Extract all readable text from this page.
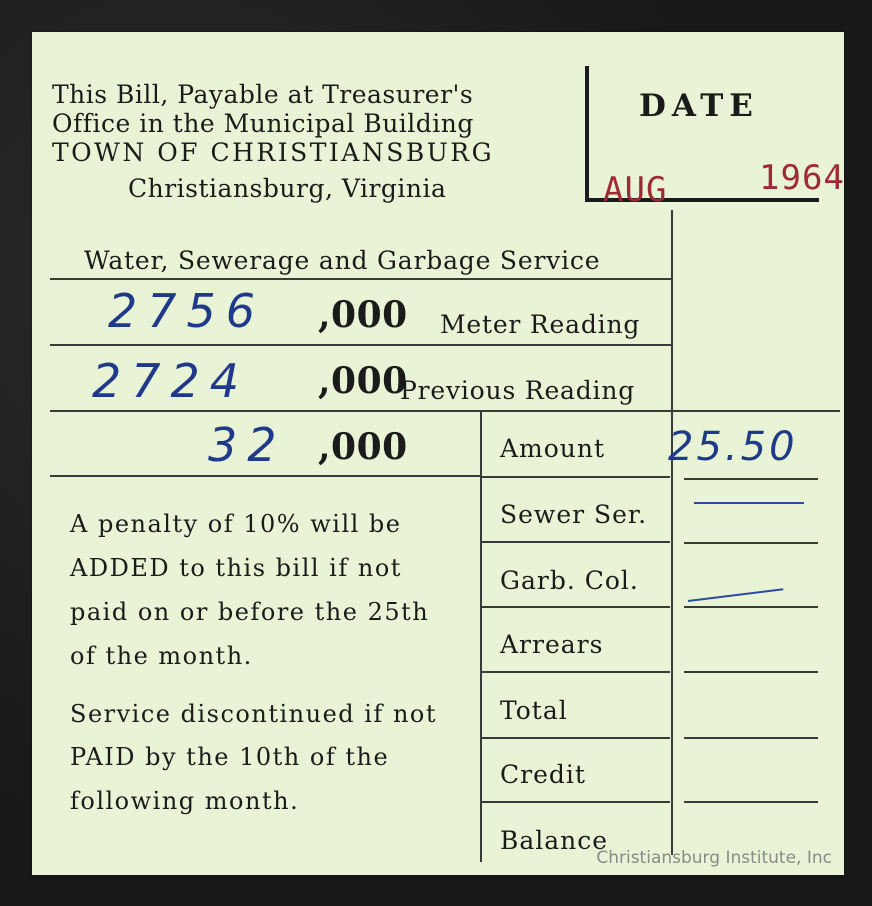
This Bill, Payable at Treasurer's
Office in the Municipal Building
TOWN OF CHRISTIANSBURG
Christiansburg, Virginia
DATE
AUG	1964
Water, Sewerage and Garbage Service
2756 ,000 Meter Reading
2724 ,000
Previous Reading
32 ,000
A penalty of 10% will be
ADDED to this bill if not
paid on or before the 25th
of the month.
Service discontinued if not
PAID by the 10th of the
following month.
Amount 25.50
Sewer Ser.
Garb. Col.
Arrears
Total
Credit
Balance
Christiansburg Institute, Inc
